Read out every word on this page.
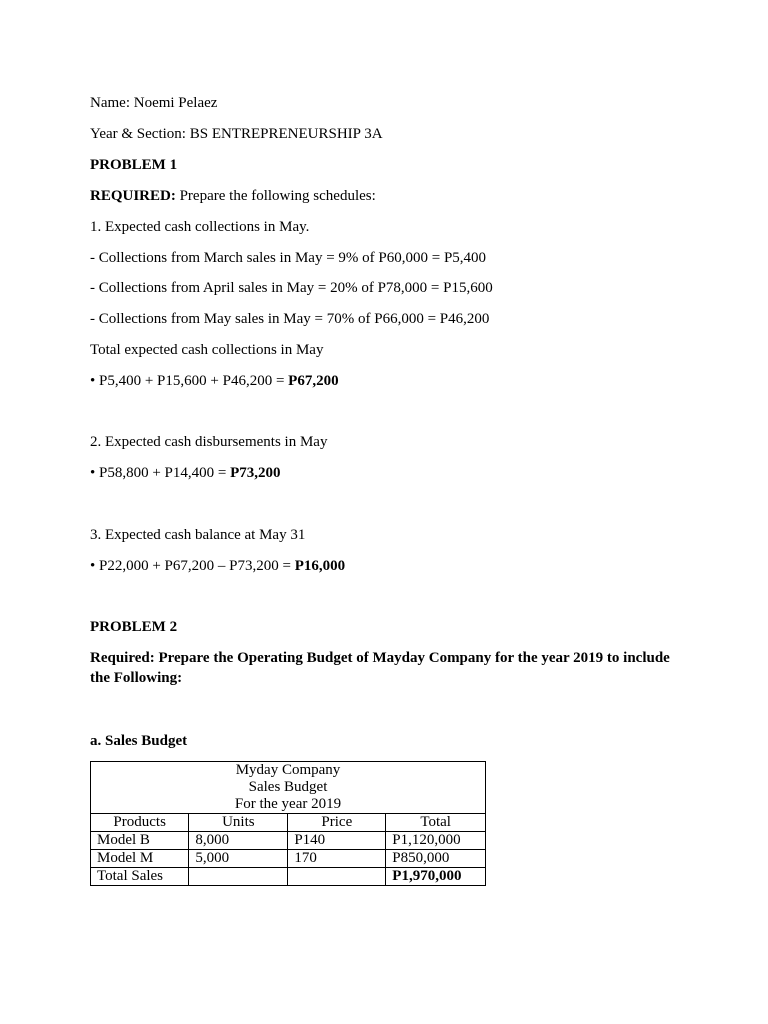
Name: Noemi Pelaez
Year & Section: BS ENTREPRENEURSHIP 3A
PROBLEM 1
REQUIRED: Prepare the following schedules:
1. Expected cash collections in May.
- Collections from March sales in May = 9% of P60,000 = P5,400
- Collections from April sales in May = 20% of P78,000 = P15,600
- Collections from May sales in May = 70% of P66,000 = P46,200
Total expected cash collections in May
• P5,400 + P15,600 + P46,200 = P67,200
2. Expected cash disbursements in May
• P58,800 + P14,400 = P73,200
3. Expected cash balance at May 31
• P22,000 + P67,200 – P73,200 = P16,000
PROBLEM 2
Required: Prepare the Operating Budget of Mayday Company for the year 2019 to include the Following:
a. Sales Budget
Myday Company
Sales Budget
For the year 2019			

Products	Units	Price	Total
Model B	8,000	P140	P1,120,000
Model M	5,000	170	P850,000
Total Sales			P1,970,000
